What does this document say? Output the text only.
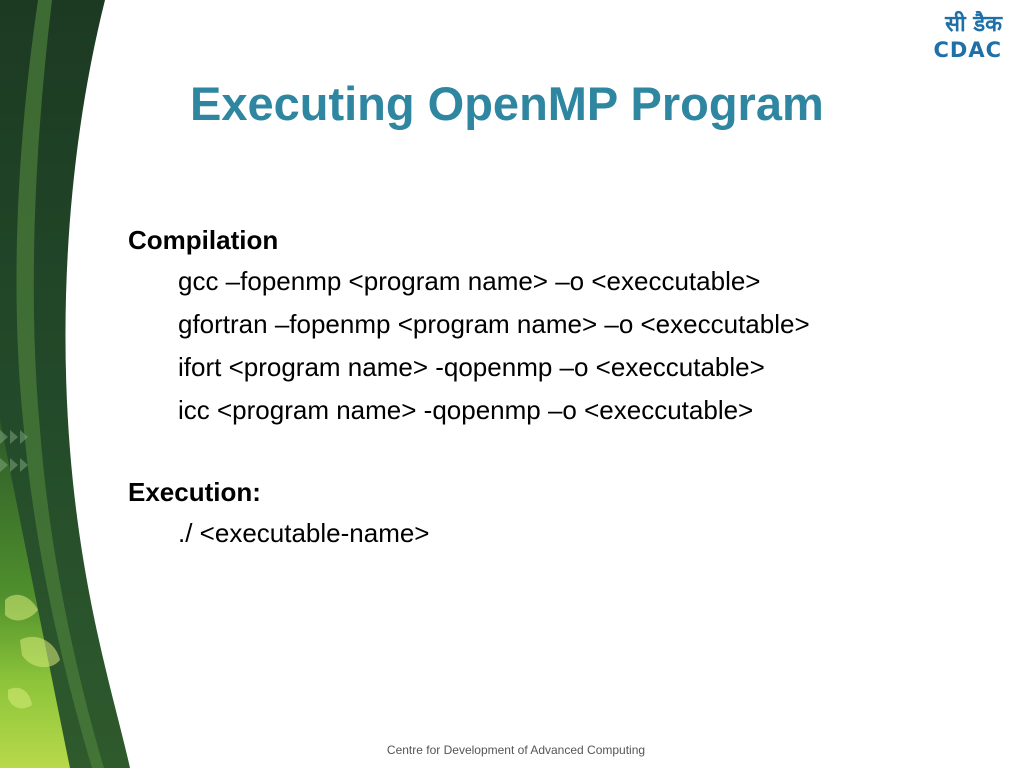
सी डैक
CDAC
Executing OpenMP Program
Compilation
gcc –fopenmp <program name> –o <execcutable>
gfortran –fopenmp <program name> –o <execcutable>
ifort <program name> -qopenmp –o <execcutable>
icc <program name> -qopenmp –o <execcutable>
Execution:
./ <executable-name>
Centre for Development of Advanced Computing
